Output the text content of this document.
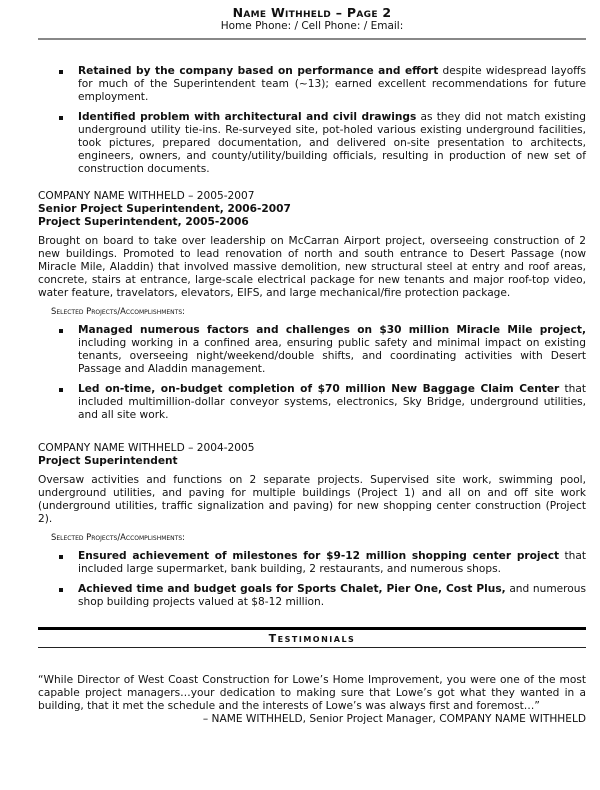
Name Withheld – Page 2
Home Phone: / Cell Phone: / Email:
Retained by the company based on performance and effort despite widespread layoffs for much of the Superintendent team (~13); earned excellent recommendations for future employment.
Identified problem with architectural and civil drawings as they did not match existing underground utility tie-ins. Re-surveyed site, pot-holed various existing underground facilities, took pictures, prepared documentation, and delivered on-site presentation to architects, engineers, owners, and county/utility/building officials, resulting in production of new set of construction documents.
COMPANY NAME WITHHELD – 2005-2007
Senior Project Superintendent, 2006-2007
Project Superintendent, 2005-2006
Brought on board to take over leadership on McCarran Airport project, overseeing construction of 2 new buildings. Promoted to lead renovation of north and south entrance to Desert Passage (now Miracle Mile, Aladdin) that involved massive demolition, new structural steel at entry and roof areas, concrete, stairs at entrance, large-scale electrical package for new tenants and major roof-top video, water feature, travelators, elevators, EIFS, and large mechanical/fire protection package.
Selected Projects/Accomplishments:
Managed numerous factors and challenges on $30 million Miracle Mile project, including working in a confined area, ensuring public safety and minimal impact on existing tenants, overseeing night/weekend/double shifts, and coordinating activities with Desert Passage and Aladdin management.
Led on-time, on-budget completion of $70 million New Baggage Claim Center that included multimillion-dollar conveyor systems, electronics, Sky Bridge, underground utilities, and all site work.
COMPANY NAME WITHHELD – 2004-2005
Project Superintendent
Oversaw activities and functions on 2 separate projects. Supervised site work, swimming pool, underground utilities, and paving for multiple buildings (Project 1) and all on and off site work (underground utilities, traffic signalization and paving) for new shopping center construction (Project 2).
Selected Projects/Accomplishments:
Ensured achievement of milestones for $9-12 million shopping center project that included large supermarket, bank building, 2 restaurants, and numerous shops.
Achieved time and budget goals for Sports Chalet, Pier One, Cost Plus, and numerous shop building projects valued at $8-12 million.
Testimonials
“While Director of West Coast Construction for Lowe’s Home Improvement, you were one of the most capable project managers…your dedication to making sure that Lowe’s got what they wanted in a building, that it met the schedule and the interests of Lowe’s was always first and foremost…”
– NAME WITHHELD, Senior Project Manager, COMPANY NAME WITHHELD
